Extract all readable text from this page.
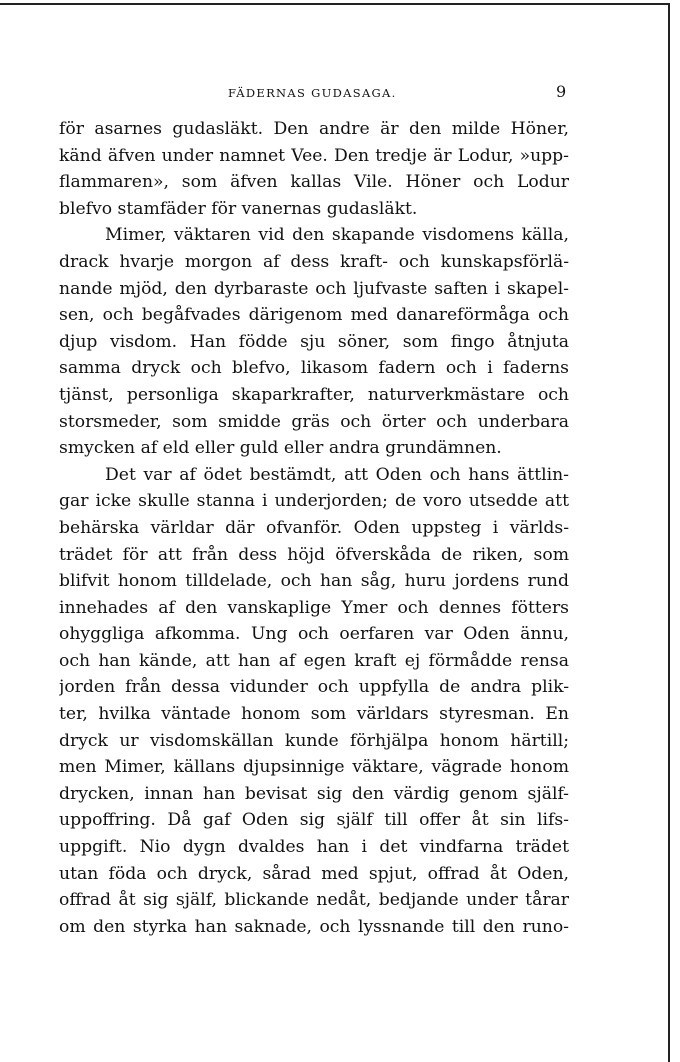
FÄDERNAS GUDASAGA.	9
för asarnes gudasläkt. Den andre är den milde Höner,
känd äfven under namnet Vee. Den tredje är Lodur, »upp-
flammaren», som äfven kallas Vile. Höner och Lodur
blefvo stamfäder för vanernas gudasläkt.
Mimer, väktaren vid den skapande visdomens källa,
drack hvarje morgon af dess kraft- och kunskapsförlä-
nande mjöd, den dyrbaraste och ljufvaste saften i skapel-
sen, och begåfvades därigenom med danareförmåga och
djup visdom. Han födde sju söner, som fingo åtnjuta
samma dryck och blefvo, likasom fadern och i faderns
tjänst, personliga skaparkrafter, naturverkmästare och
storsmeder, som smidde gräs och örter och underbara
smycken af eld eller guld eller andra grundämnen.
Det var af ödet bestämdt, att Oden och hans ättlin-
gar icke skulle stanna i underjorden; de voro utsedde att
behärska världar där ofvanför. Oden uppsteg i världs-
trädet för att från dess höjd öfverskåda de riken, som
blifvit honom tilldelade, och han såg, huru jordens rund
innehades af den vanskaplige Ymer och dennes fötters
ohyggliga afkomma. Ung och oerfaren var Oden ännu,
och han kände, att han af egen kraft ej förmådde rensa
jorden från dessa vidunder och uppfylla de andra plik-
ter, hvilka väntade honom som världars styresman. En
dryck ur visdomskällan kunde förhjälpa honom härtill;
men Mimer, källans djupsinnige väktare, vägrade honom
drycken, innan han bevisat sig den värdig genom själf-
uppoffring. Då gaf Oden sig själf till offer åt sin lifs-
uppgift. Nio dygn dvaldes han i det vindfarna trädet
utan föda och dryck, sårad med spjut, offrad åt Oden,
offrad åt sig själf, blickande nedåt, bedjande under tårar
om den styrka han saknade, och lyssnande till den runo-
